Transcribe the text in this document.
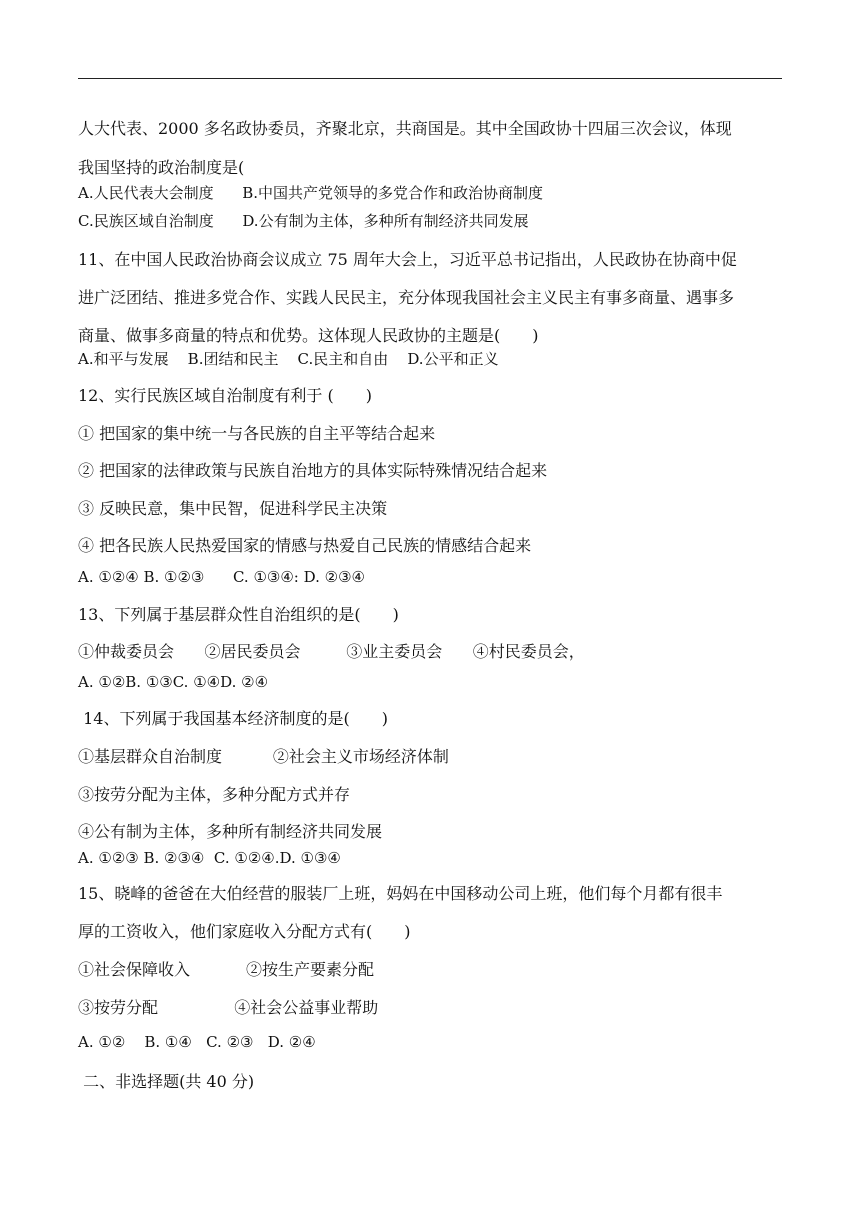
人大代表、2000 多名政协委员，齐聚北京，共商国是。其中全国政协十四届三次会议，体现
我国坚持的政治制度是(
A.人民代表大会制度      B.中国共产党领导的多党合作和政治协商制度
C.民族区域自治制度      D.公有制为主体，多种所有制经济共同发展
11、在中国人民政治协商会议成立 75 周年大会上，习近平总书记指出，人民政协在协商中促
进广泛团结、推进多党合作、实践人民民主，充分体现我国社会主义民主有事多商量、遇事多
商量、做事多商量的特点和优势。这体现人民政协的主题是(　　)
A.和平与发展    B.团结和民主    C.民主和自由    D.公平和正义
12、实行民族区域自治制度有利于 (　　)
① 把国家的集中统一与各民族的自主平等结合起来
② 把国家的法律政策与民族自治地方的具体实际特殊情况结合起来
③ 反映民意，集中民智，促进科学民主决策
④ 把各民族人民热爱国家的情感与热爱自己民族的情感结合起来
A. ①②④ B. ①②③      C. ①③④: D. ②③④
13、下列属于基层群众性自治组织的是(　　)
①仲裁委员会      ②居民委员会         ③业主委员会      ④村民委员会，
A. ①②B. ①③C. ①④D. ②④
14、下列属于我国基本经济制度的是(　　)
①基层群众自治制度          ②社会主义市场经济体制
③按劳分配为主体，多种分配方式并存
④公有制为主体，多种所有制经济共同发展
A. ①②③ B. ②③④  C. ①②④.D. ①③④
15、晓峰的爸爸在大伯经营的服装厂上班，妈妈在中国移动公司上班，他们每个月都有很丰
厚的工资收入，他们家庭收入分配方式有(　　)
①社会保障收入           ②按生产要素分配
③按劳分配               ④社会公益事业帮助
A. ①②    B. ①④   C. ②③   D. ②④
二、非选择题(共 40 分)
